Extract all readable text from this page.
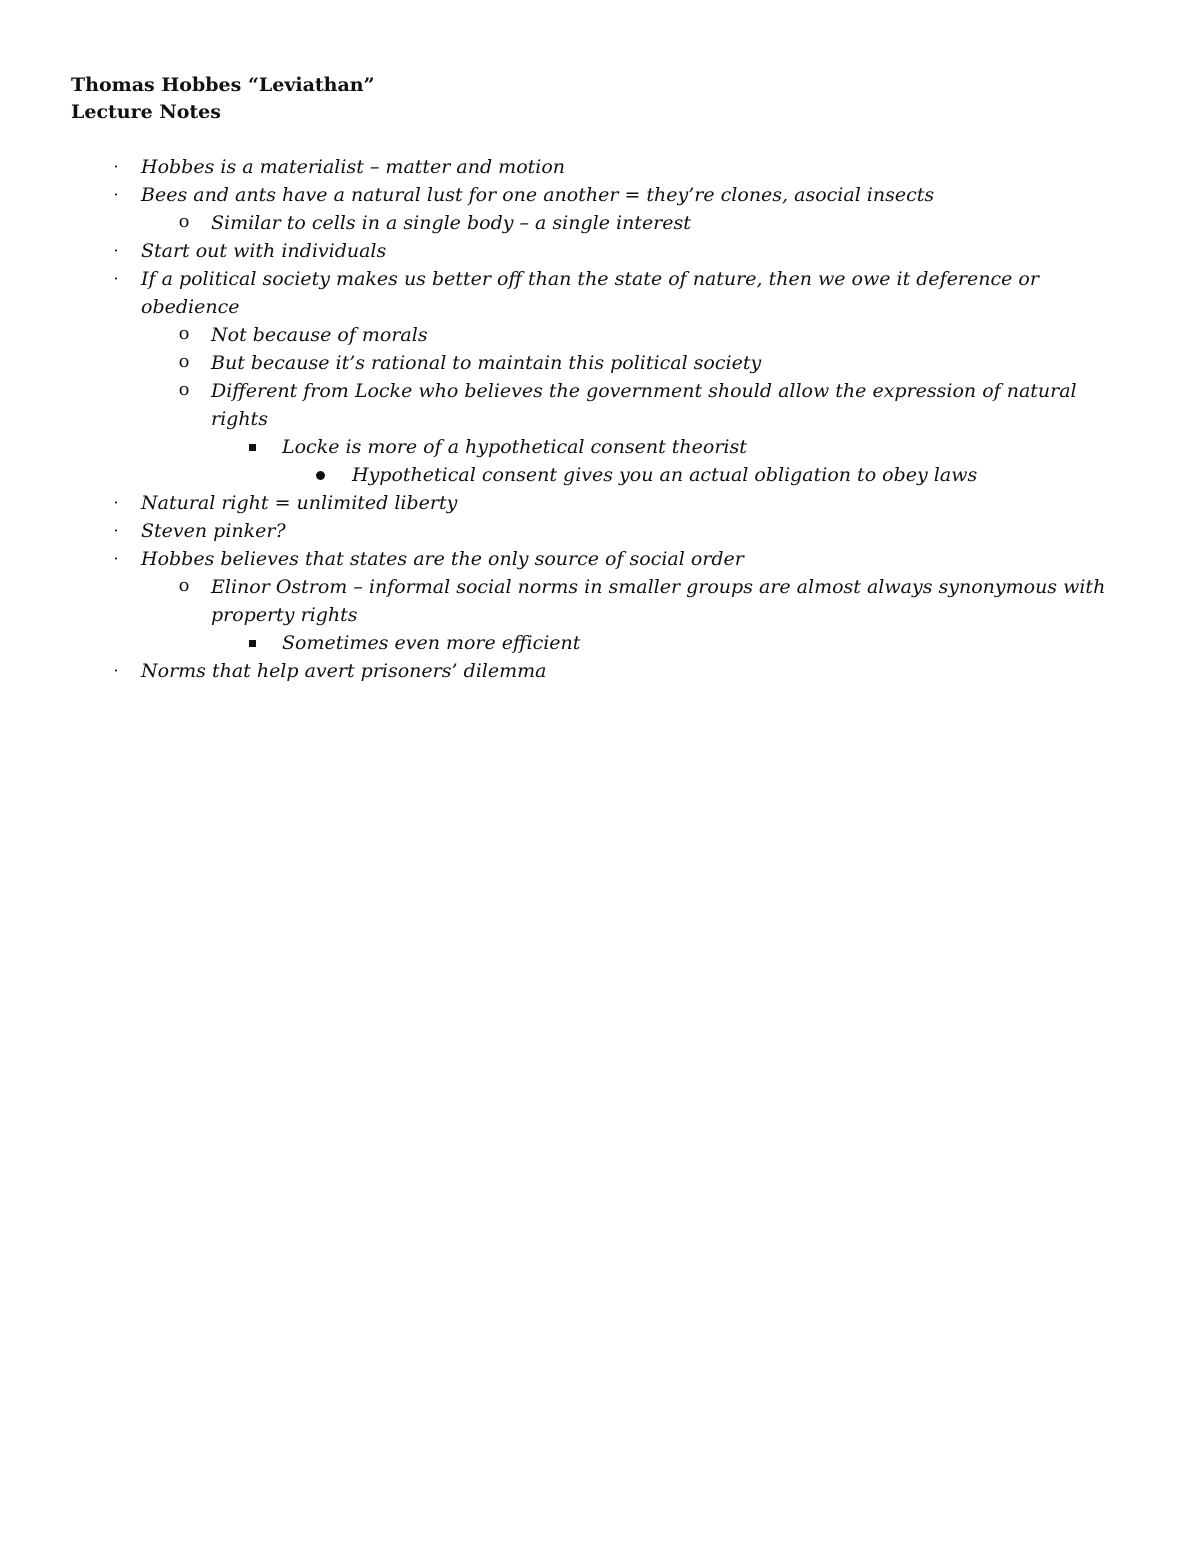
Thomas Hobbes “Leviathan”
Lecture Notes
· Hobbes is a materialist – matter and motion
· Bees and ants have a natural lust for one another = they’re clones, asocial insects
o Similar to cells in a single body – a single interest
· Start out with individuals
· If a political society makes us better off than the state of nature, then we owe it deference or obedience
o Not because of morals
o But because it’s rational to maintain this political society
o Different from Locke who believes the government should allow the expression of natural rights
Locke is more of a hypothetical consent theorist
Hypothetical consent gives you an actual obligation to obey laws
· Natural right = unlimited liberty
· Steven pinker?
· Hobbes believes that states are the only source of social order
o Elinor Ostrom – informal social norms in smaller groups are almost always synonymous with property rights
Sometimes even more efficient
· Norms that help avert prisoners’ dilemma
